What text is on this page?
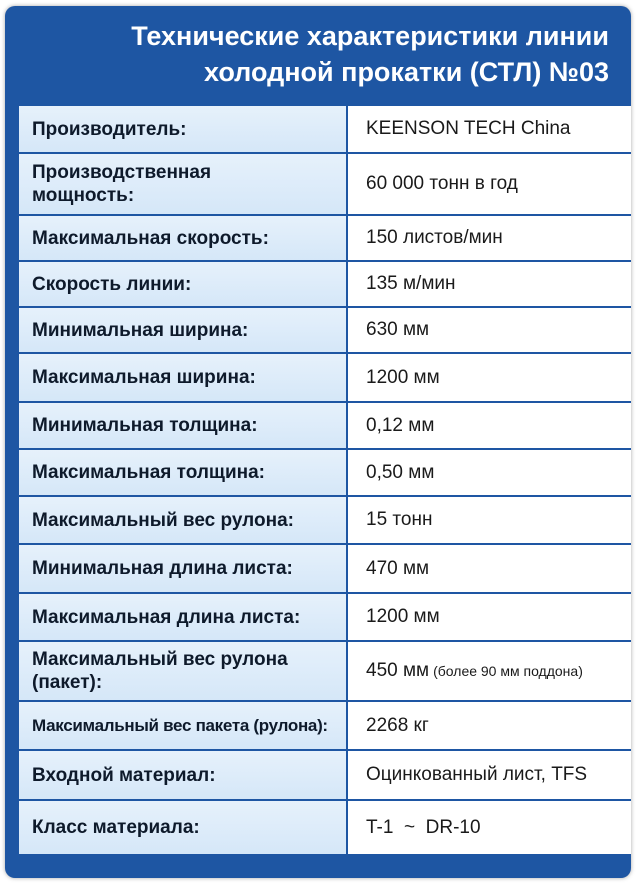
Технические характеристики линии
холодной прокатки (СТЛ) №03
Производитель:	KEENSON TECH China
Производственная мощность:
60 000 тонн в год
Максимальная скорость:	150 листов/мин
Скорость линии:	135 м/мин
Минимальная ширина:	630 мм
Максимальная ширина:	1200 мм
Минимальная толщина:	0,12 мм
Максимальная толщина:	0,50 мм
Максимальный вес рулона:	15 тонн
Минимальная длина листа:	470 мм
Максимальная длина листа:	1200 мм
Максимальный вес рулона (пакет):
450 мм (более 90 мм поддона)
Максимальный вес пакета (рулона):	2268 кг
Входной материал:	Оцинкованный лист, TFS
Класс материала:	T-1  ~  DR-10
